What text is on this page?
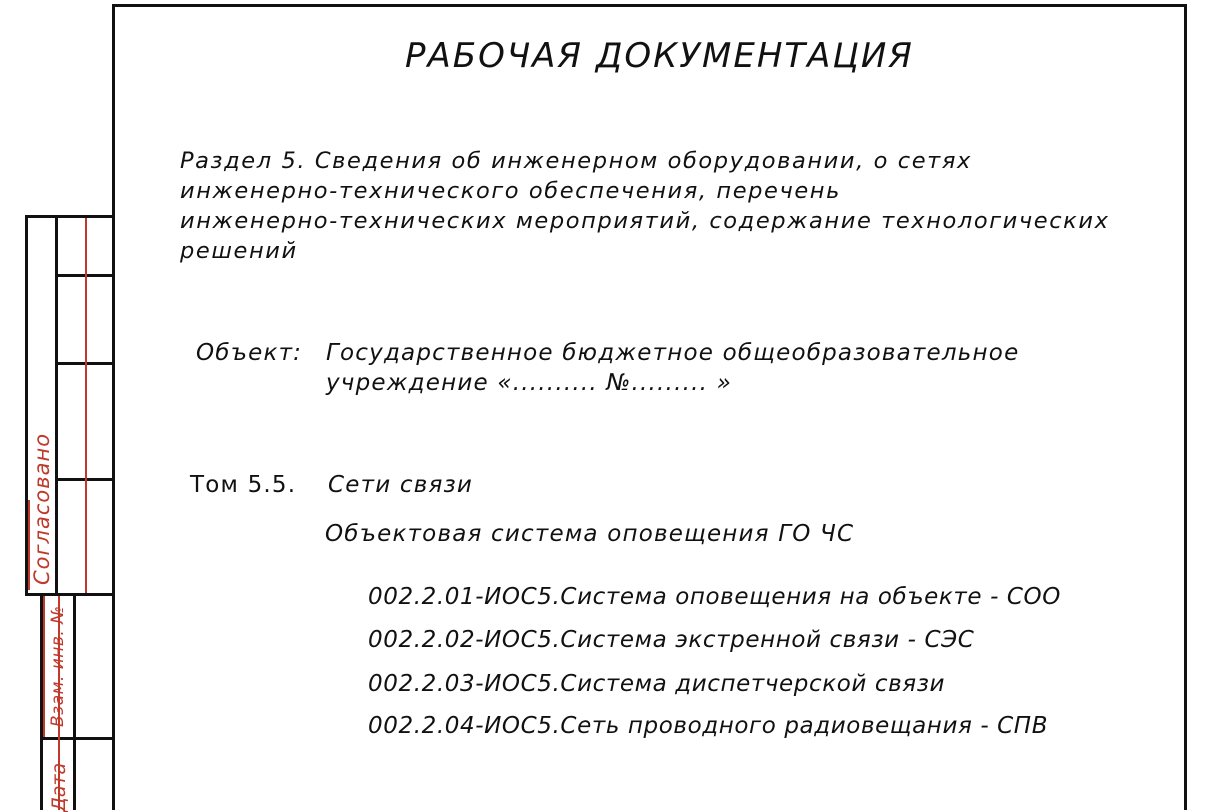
Согласовано
Взам. инв. №
Дата
РАБОЧАЯ ДОКУМЕНТАЦИЯ
Раздел 5. Сведения об инженерном оборудовании, о сетях
инженерно-технического обеспечения, перечень
инженерно-технических мероприятий, содержание технологических
решений
Объект: Государственное бюджетное общеобразовательное
учреждение «.......... №......... »
Том 5.5. Сети связи
Объектовая система оповещения ГО ЧС
002.2.01-ИОС5.Система оповещения на объекте - СОО
002.2.02-ИОС5.Система экстренной связи - СЭС
002.2.03-ИОС5.Система диспетчерской связи
002.2.04-ИОС5.Сеть проводного радиовещания - СПВ
